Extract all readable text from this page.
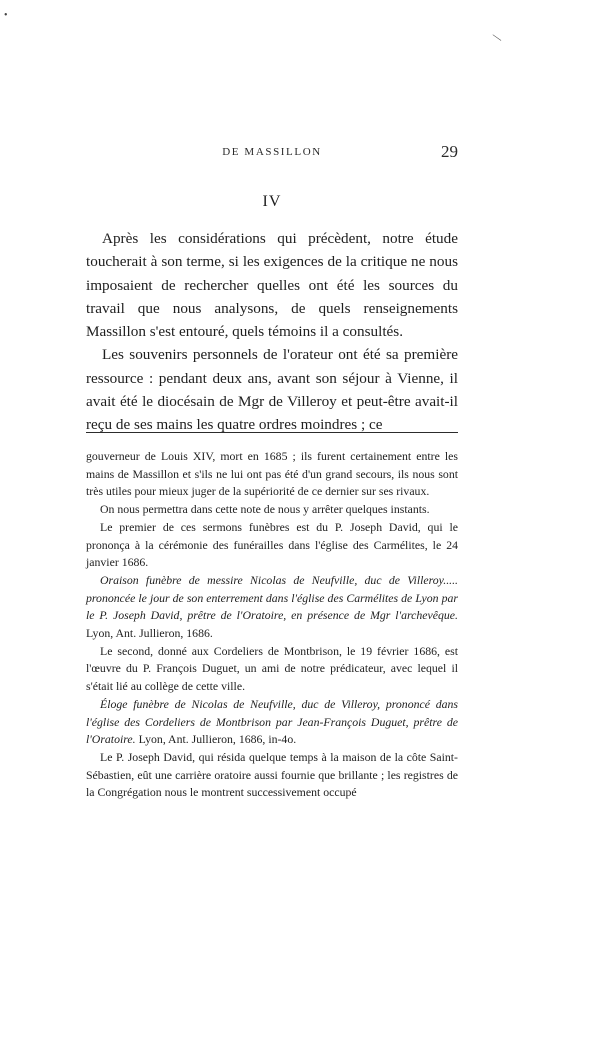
•
—
DE MASSILLON	29
IV

Après les considérations qui précèdent, notre étude toucherait à son terme, si les exigences de la critique ne nous imposaient de rechercher quelles ont été les sources du travail que nous analysons, de quels renseignements Massillon s'est entouré, quels témoins il a consultés.

Les souvenirs personnels de l'orateur ont été sa première ressource : pendant deux ans, avant son séjour à Vienne, il avait été le diocésain de Mgr de Villeroy et peut-être avait-il reçu de ses mains les quatre ordres moindres ; ce

gouverneur de Louis XIV, mort en 1685 ; ils furent certainement entre les mains de Massillon et s'ils ne lui ont pas été d'un grand secours, ils nous sont très utiles pour mieux juger de la supériorité de ce dernier sur ses rivaux.

On nous permettra dans cette note de nous y arrêter quelques instants.

Le premier de ces sermons funèbres est du P. Joseph David, qui le prononça à la cérémonie des funérailles dans l'église des Carmélites, le 24 janvier 1686.

Oraison funèbre de messire Nicolas de Neufville, duc de Villeroy..... prononcée le jour de son enterrement dans l'église des Carmélites de Lyon par le P. Joseph David, prêtre de l'Oratoire, en présence de Mgr l'archevêque. Lyon, Ant. Jullieron, 1686.

Le second, donné aux Cordeliers de Montbrison, le 19 février 1686, est l'œuvre du P. François Duguet, un ami de notre prédicateur, avec lequel il s'était lié au collège de cette ville.

Éloge funèbre de Nicolas de Neufville, duc de Villeroy, prononcé dans l'église des Cordeliers de Montbrison par Jean-François Duguet, prêtre de l'Oratoire. Lyon, Ant. Jullieron, 1686, in-4o.

Le P. Joseph David, qui résida quelque temps à la maison de la côte Saint-Sébastien, eût une carrière oratoire aussi fournie que brillante ; les registres de la Congrégation nous le montrent successivement occupé
